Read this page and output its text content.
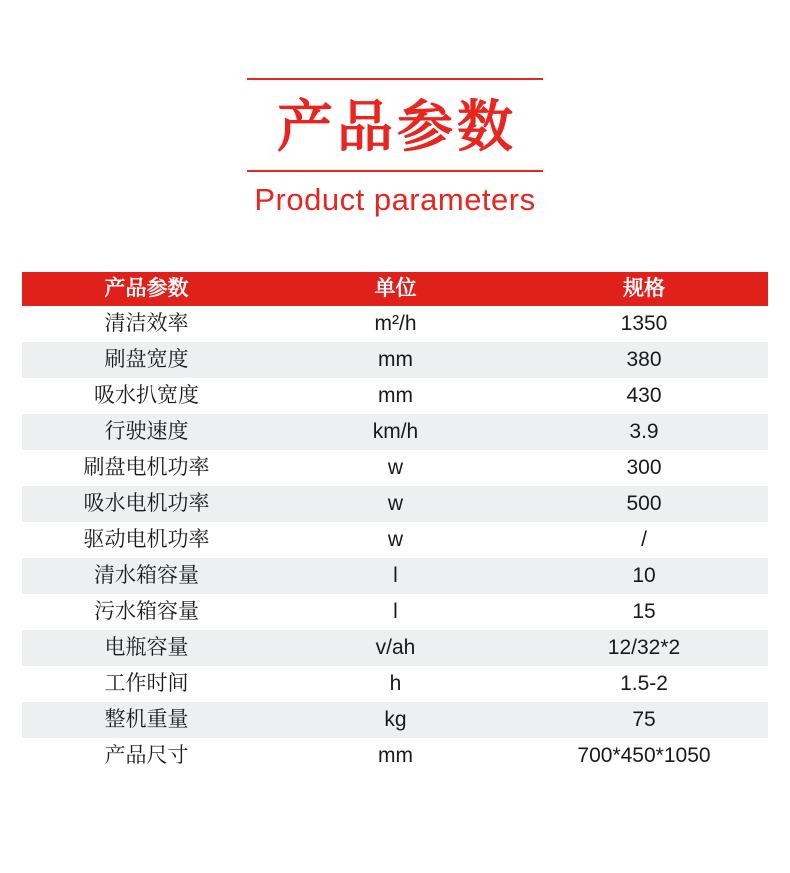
产品参数
Product parameters
产品参数	单位	规格
清洁效率	m²/h	1350
刷盘宽度	mm	380
吸水扒宽度	mm	430
行驶速度	km/h	3.9
刷盘电机功率	w	300
吸水电机功率	w	500
驱动电机功率	w	/
清水箱容量	l	10
污水箱容量	l	15
电瓶容量	v/ah	12/32*2
工作时间	h	1.5-2
整机重量	kg	75
产品尺寸	mm	700*450*1050
